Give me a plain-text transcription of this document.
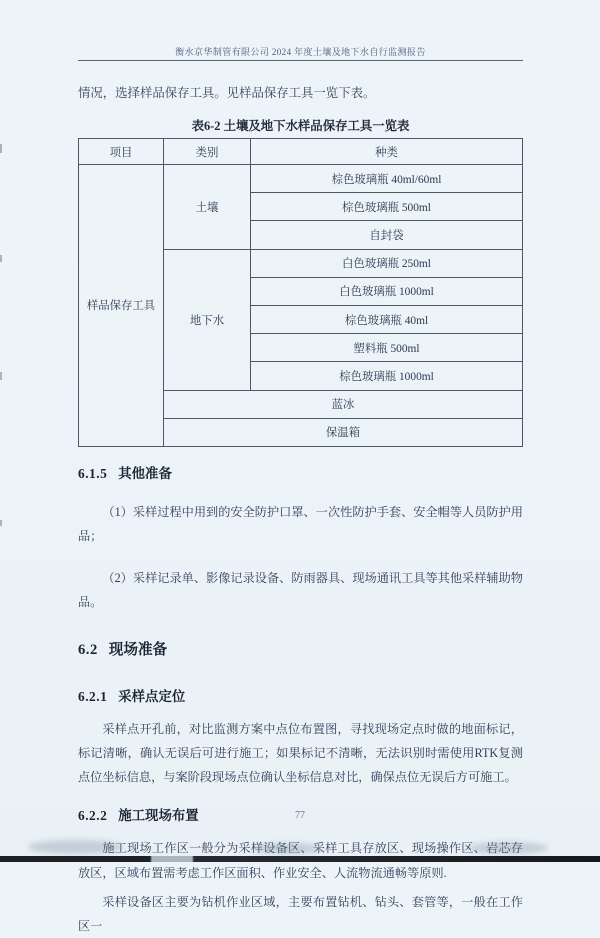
衡水京华制管有限公司 2024 年度土壤及地下水自行监测报告

情况，选择样品保存工具。见样品保存工具一览下表。

表6-2 土壤及地下水样品保存工具一览表
项目	类别	种类
样品保存工具	土壤	棕色玻璃瓶 40ml/60ml
		棕色玻璃瓶 500ml
		自封袋
	地下水	白色玻璃瓶 250ml
		白色玻璃瓶 1000ml
		棕色玻璃瓶 40ml
		塑料瓶 500ml
		棕色玻璃瓶 1000ml
	蓝冰	
	保温箱	
6.1.5 其他准备

（1）采样过程中用到的安全防护口罩、一次性防护手套、安全帽等人员防护用品；

（2）采样记录单、影像记录设备、防雨器具、现场通讯工具等其他采样辅助物品。

6.2 现场准备
6.2.1 采样点定位

采样点开孔前，对比监测方案中点位布置图，寻找现场定点时做的地面标记，标记清晰，确认无误后可进行施工；如果标记不清晰，无法识别时需使用RTK复测点位坐标信息，与案阶段现场点位确认坐标信息对比，确保点位无误后方可施工。

6.2.2 施工现场布置

施工现场工作区一般分为采样设备区、采样工具存放区、现场操作区、岩芯存放区，区域布置需考虑工作区面积、作业安全、人流物流通畅等原则.

采样设备区主要为钻机作业区域，主要布置钻机、钻头、套管等，一般在工作区一

77
